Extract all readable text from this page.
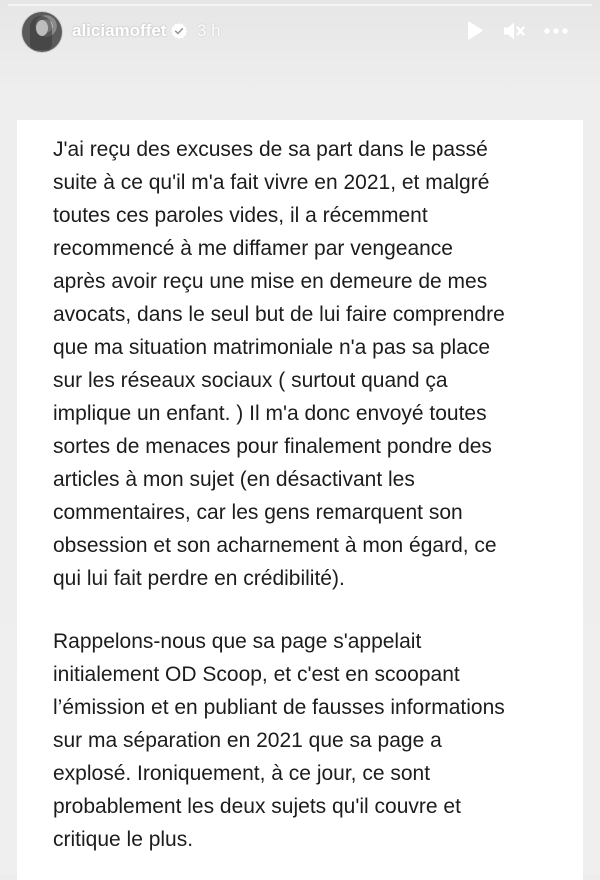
aliciamoffet 3 h

J'ai reçu des excuses de sa part dans le passé
suite à ce qu'il m'a fait vivre en 2021, et malgré
toutes ces paroles vides, il a récemment
recommencé à me diffamer par vengeance
après avoir reçu une mise en demeure de mes
avocats, dans le seul but de lui faire comprendre
que ma situation matrimoniale n'a pas sa place
sur les réseaux sociaux ( surtout quand ça
implique un enfant. ) Il m'a donc envoyé toutes
sortes de menaces pour finalement pondre des
articles à mon sujet (en désactivant les
commentaires, car les gens remarquent son
obsession et son acharnement à mon égard, ce
qui lui fait perdre en crédibilité).

Rappelons-nous que sa page s'appelait
initialement OD Scoop, et c'est en scoopant
l’émission et en publiant de fausses informations
sur ma séparation en 2021 que sa page a
explosé. Ironiquement, à ce jour, ce sont
probablement les deux sujets qu'il couvre et
critique le plus.
